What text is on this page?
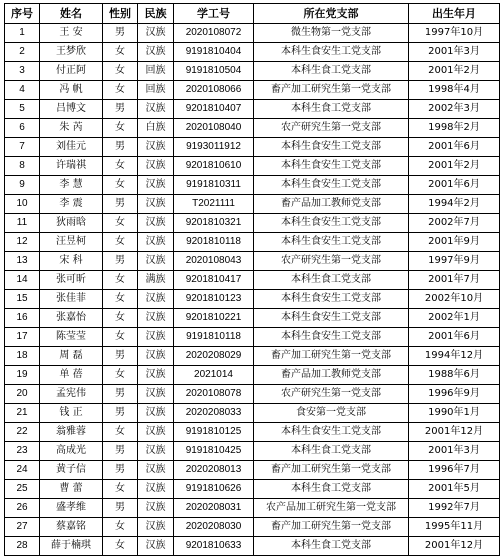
序号	姓名	性别	民族	学工号	所在党支部	出生年月
1	王 安	男	汉族	2020108072	微生物第一党支部	1997年10月
2	王梦欣	女	汉族	9191810404	本科生食安生工党支部	2001年3月
3	付正阿	女	回族	9191810504	本科生食工党支部	2001年2月
4	冯 帆	女	回族	2020108066	畜产加工研究生第一党支部	1998年4月
5	吕博文	男	汉族	9201810407	本科生食工党支部	2002年3月
6	朱 芮	女	白族	2020108040	农产研究生第一党支部	1998年2月
7	刘佳元	男	汉族	9193011912	本科生食安生工党支部	2001年6月
8	许瑞祺	女	汉族	9201810610	本科生食安生工党支部	2001年2月
9	李 慧	女	汉族	9191810311	本科生食安生工党支部	2001年6月
10	李 震	男	汉族	T2021111	畜产品加工教师党支部	1994年2月
11	狄雨晗	女	汉族	9201810321	本科生食安生工党支部	2002年7月
12	汪昱柯	女	汉族	9201810118	本科生食安生工党支部	2001年9月
13	宋 科	男	汉族	2020108043	农产研究生第一党支部	1997年9月
14	张可昕	女	满族	9201810417	本科生食工党支部	2001年7月
15	张佳菲	女	汉族	9201810123	本科生食安生工党支部	2002年10月
16	张嘉怡	女	汉族	9201810221	本科生食安生工党支部	2002年1月
17	陈莹莹	女	汉族	9191810118	本科生食安生工党支部	2001年6月
18	周 磊	男	汉族	2020208029	畜产加工研究生第一党支部	1994年12月
19	单 蓓	女	汉族	2021014	畜产品加工教师党支部	1988年6月
20	孟宪伟	男	汉族	2020108078	农产研究生第一党支部	1996年9月
21	钱 正	男	汉族	2020208033	食安第一党支部	1990年1月
22	翁雅蓉	女	汉族	9191810125	本科生食安生工党支部	2001年12月
23	高成光	男	汉族	9191810425	本科生食工党支部	2001年3月
24	黄子信	男	汉族	2020208013	畜产加工研究生第一党支部	1996年7月
25	曹 蕾	女	汉族	9191810626	本科生食工党支部	2001年5月
26	盛孝维	男	汉族	2020208031	农产品加工研究生第一党支部	1992年7月
27	蔡嘉铭	女	汉族	2020208030	畜产加工研究生第一党支部	1995年11月
28	薛于楠琪	女	汉族	9201810633	本科生食工党支部	2001年12月
